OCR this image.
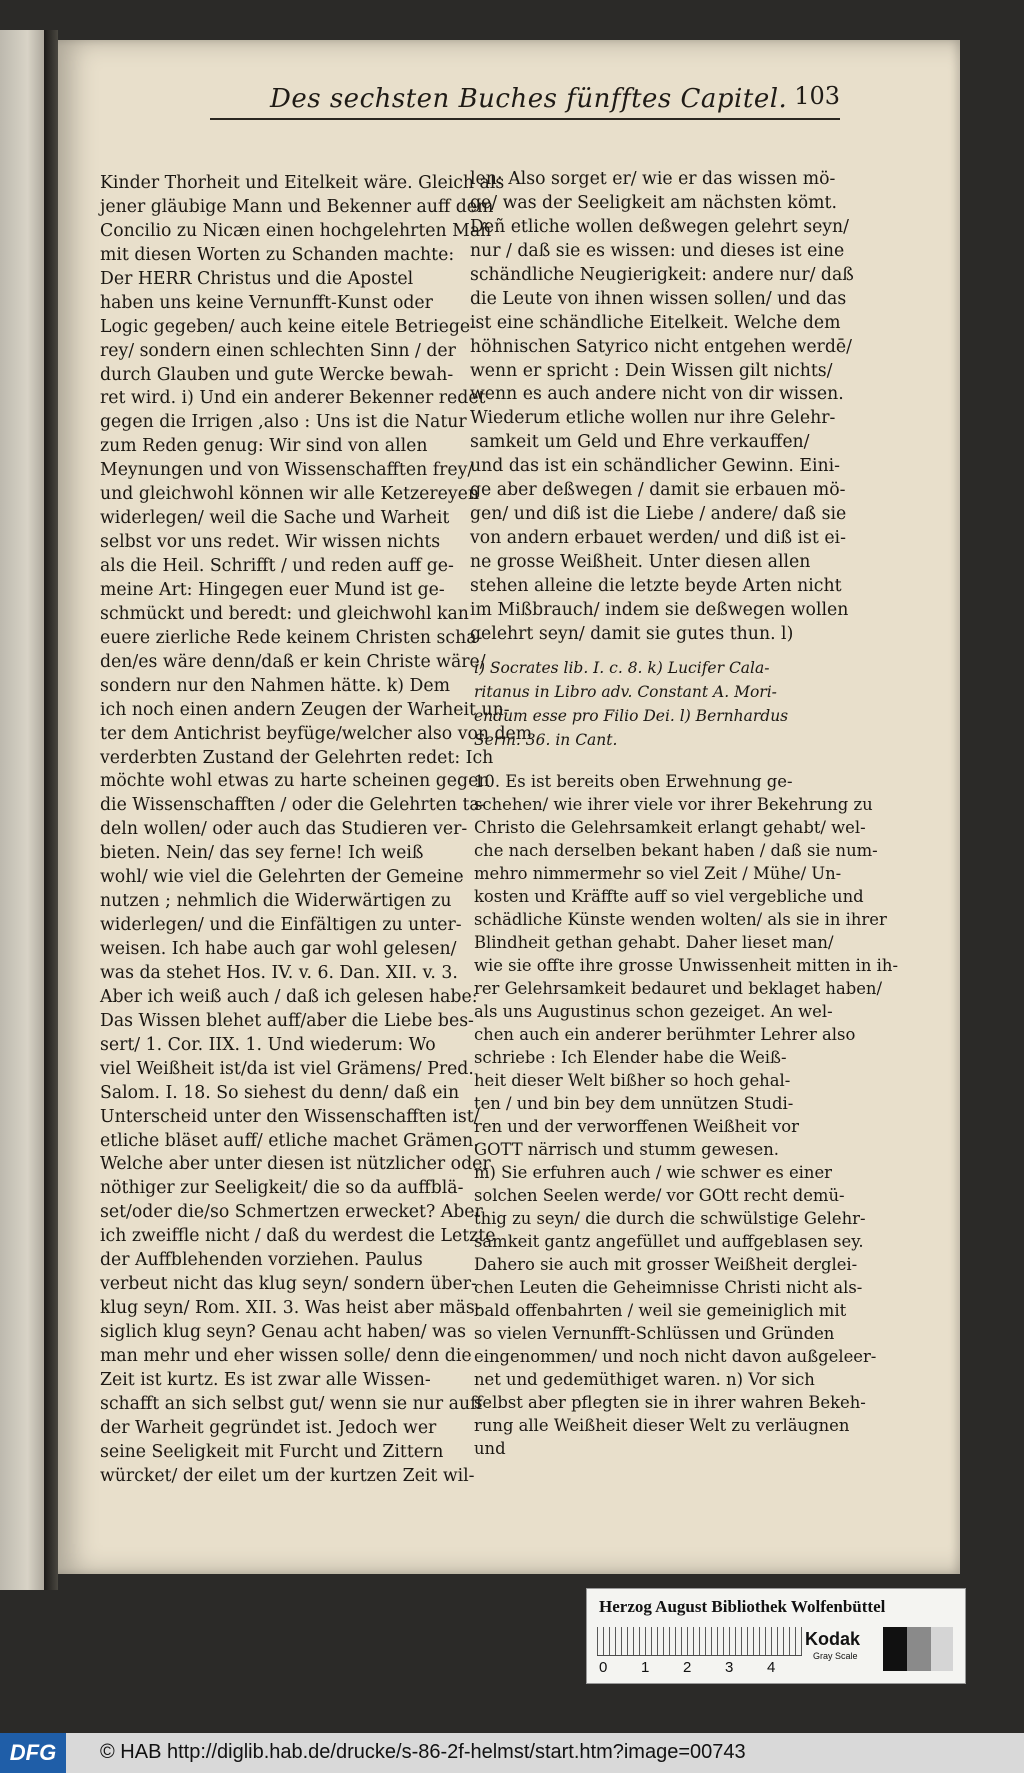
Des sechsten Buches fünfftes Capitel. 103
Kinder Thorheit und Eitelkeit wäre. Gleich als
jener gläubige Mann und Bekenner auff dem
Concilio zu Nicæn einen hochgelehrten Mañ
mit diesen Worten zu Schanden machte:
Der HERR Christus und die Apostel
haben uns keine Vernunfft-Kunst oder
Logic gegeben/ auch keine eitele Betriege-
rey/ sondern einen schlechten Sinn / der
durch Glauben und gute Wercke bewah-
ret wird. i) Und ein anderer Bekenner redet
gegen die Irrigen ,also : Uns ist die Natur
zum Reden genug: Wir sind von allen
Meynungen und von Wissenschafften frey/
und gleichwohl können wir alle Ketzereyen
widerlegen/ weil die Sache und Warheit
selbst vor uns redet. Wir wissen nichts
als die Heil. Schrifft / und reden auff ge-
meine Art: Hingegen euer Mund ist ge-
schmückt und beredt: und gleichwohl kan
euere zierliche Rede keinem Christen scha-
den/es wäre denn/daß er kein Christe wäre/
sondern nur den Nahmen hätte. k) Dem
ich noch einen andern Zeugen der Warheit un-
ter dem Antichrist beyfüge/welcher also von dem
verderbten Zustand der Gelehrten redet: Ich
möchte wohl etwas zu harte scheinen gegen
die Wissenschafften / oder die Gelehrten ta-
deln wollen/ oder auch das Studieren ver-
bieten. Nein/ das sey ferne! Ich weiß
wohl/ wie viel die Gelehrten der Gemeine
nutzen ; nehmlich die Widerwärtigen zu
widerlegen/ und die Einfältigen zu unter-
weisen. Ich habe auch gar wohl gelesen/
was da stehet Hos. IV. v. 6. Dan. XII. v. 3.
Aber ich weiß auch / daß ich gelesen habe:
Das Wissen blehet auff/aber die Liebe bes-
sert/ 1. Cor. IIX. 1. Und wiederum: Wo
viel Weißheit ist/da ist viel Grämens/ Pred.
Salom. I. 18. So siehest du denn/ daß ein
Unterscheid unter den Wissenschafften ist/
etliche bläset auff/ etliche machet Grämen.
Welche aber unter diesen ist nützlicher oder
nöthiger zur Seeligkeit/ die so da auffblä-
set/oder die/so Schmertzen erwecket? Aber
ich zweiffle nicht / daß du werdest die Letzte
der Auffblehenden vorziehen. Paulus
verbeut nicht das klug seyn/ sondern über-
klug seyn/ Rom. XII. 3. Was heist aber mäs-
siglich klug seyn? Genau acht haben/ was
man mehr und eher wissen solle/ denn die
Zeit ist kurtz. Es ist zwar alle Wissen-
schafft an sich selbst gut/ wenn sie nur auff
der Warheit gegründet ist. Jedoch wer
seine Seeligkeit mit Furcht und Zittern
würcket/ der eilet um der kurtzen Zeit wil-
len: Also sorget er/ wie er das wissen mö-
ge/ was der Seeligkeit am nächsten kömt.
Deñ etliche wollen deßwegen gelehrt seyn/
nur / daß sie es wissen: und dieses ist eine
schändliche Neugierigkeit: andere nur/ daß
die Leute von ihnen wissen sollen/ und das
ist eine schändliche Eitelkeit. Welche dem
höhnischen Satyrico nicht entgehen werdē/
wenn er spricht : Dein Wissen gilt nichts/
wenn es auch andere nicht von dir wissen.
Wiederum etliche wollen nur ihre Gelehr-
samkeit um Geld und Ehre verkauffen/
und das ist ein schändlicher Gewinn. Eini-
ge aber deßwegen / damit sie erbauen mö-
gen/ und diß ist die Liebe / andere/ daß sie
von andern erbauet werden/ und diß ist ei-
ne grosse Weißheit. Unter diesen allen
stehen alleine die letzte beyde Arten nicht
im Mißbrauch/ indem sie deßwegen wollen
gelehrt seyn/ damit sie gutes thun. l)
i) Socrates lib. I. c. 8. k) Lucifer Cala-
ritanus in Libro adv. Constant A. Mori-
endum esse pro Filio Dei. l) Bernhardus
Serm. 36. in Cant.
10. Es ist bereits oben Erwehnung ge-
schehen/ wie ihrer viele vor ihrer Bekehrung zu
Christo die Gelehrsamkeit erlangt gehabt/ wel-
che nach derselben bekant haben / daß sie num-
mehro nimmermehr so viel Zeit / Mühe/ Un-
kosten und Kräffte auff so viel vergebliche und
schädliche Künste wenden wolten/ als sie in ihrer
Blindheit gethan gehabt. Daher lieset man/
wie sie offte ihre grosse Unwissenheit mitten in ih-
rer Gelehrsamkeit bedauret und beklaget haben/
als uns Augustinus schon gezeiget. An wel-
chen auch ein anderer berühmter Lehrer also
schriebe : Ich Elender habe die Weiß-
heit dieser Welt bißher so hoch gehal-
ten / und bin bey dem unnützen Studi-
ren und der verworffenen Weißheit vor
GOTT närrisch und stumm gewesen.
m) Sie erfuhren auch / wie schwer es einer
solchen Seelen werde/ vor GOtt recht demü-
thig zu seyn/ die durch die schwülstige Gelehr-
samkeit gantz angefüllet und auffgeblasen sey.
Dahero sie auch mit grosser Weißheit derglei-
chen Leuten die Geheimnisse Christi nicht als-
bald offenbahrten / weil sie gemeiniglich mit
so vielen Vernunfft-Schlüssen und Gründen
eingenommen/ und noch nicht davon außgeleer-
net und gedemüthiget waren. n) Vor sich
selbst aber pflegten sie in ihrer wahren Bekeh-
rung alle Weißheit dieser Welt zu verläugnen
und
Herzog August Bibliothek Wolfenbüttel
0 1 2 3 4
Kodak
Gray Scale
DFG	© HAB http://diglib.hab.de/drucke/s-86-2f-helmst/start.htm?image=00743
